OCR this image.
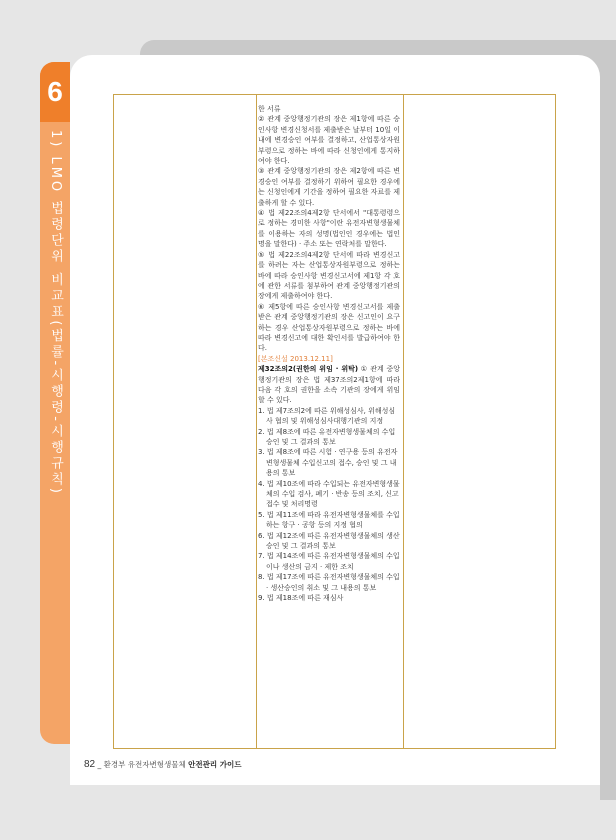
6
1) LMO 법령단위 비교표(법률-시행령-시행규칙)

한 서류

② 관계 중앙행정기관의 장은 제1항에 따른 승인사항 변경신청서를 제출받은 날부터 10일 이내에 변경승인 여부를 결정하고, 산업통상자원부령으로 정하는 바에 따라 신청인에게 통지하여야 한다.

③ 관계 중앙행정기관의 장은 제2항에 따른 변경승인 여부를 결정하기 위하여 필요한 경우에는 신청인에게 기간을 정하여 필요한 자료를 제출하게 할 수 있다.

④ 법 제22조의4제2항 단서에서 "대통령령으로 정하는 경미한 사항"이란 유전자변형생물체를 이용하는 자의 성명(법인인 경우에는 법인명을 말한다) · 주소 또는 연락처를 말한다.

⑤ 법 제22조의4제2항 단서에 따라 변경신고를 하려는 자는 산업통상자원부령으로 정하는 바에 따라 승인사항 변경신고서에 제1항 각 호에 관한 서류를 첨부하여 관계 중앙행정기관의 장에게 제출하여야 한다.

⑥ 제5항에 따른 승인사항 변경신고서를 제출받은 관계 중앙행정기관의 장은 신고인이 요구하는 경우 산업통상자원부령으로 정하는 바에 따라 변경신고에 대한 확인서를 발급하여야 한다.

[본조신설 2013.12.11]

제32조의2(권한의 위임 · 위탁) ① 관계 중앙행정기관의 장은 법 제37조의2제1항에 따라 다음 각 호의 권한을 소속 기관의 장에게 위임할 수 있다.

1. 법 제7조의2에 따른 위해성심사, 위해성심사 협의 및 위해성심사대행기관의 지정

2. 법 제8조에 따른 유전자변형생물체의 수입승인 및 그 결과의 통보

3. 법 제8조에 따른 시험 · 연구용 등의 유전자변형생물체 수입신고의 접수, 승인 및 그 내용의 통보

4. 법 제10조에 따라 수입되는 유전자변형생물체의 수입 검사, 폐기 · 반송 등의 조치, 신고 접수 및 처리명령

5. 법 제11조에 따라 유전자변형생물체를 수입하는 항구 · 공항 등의 지정 협의

6. 법 제12조에 따른 유전자변형생물체의 생산승인 및 그 결과의 통보

7. 법 제14조에 따른 유전자변형생물체의 수입이나 생산의 금지 · 제한 조치

8. 법 제17조에 따른 유전자변형생물체의 수입 · 생산승인의 취소 및 그 내용의 통보

9. 법 제18조에 따른 재심사

82 _ 환경부 유전자변형생물체 안전관리 가이드
